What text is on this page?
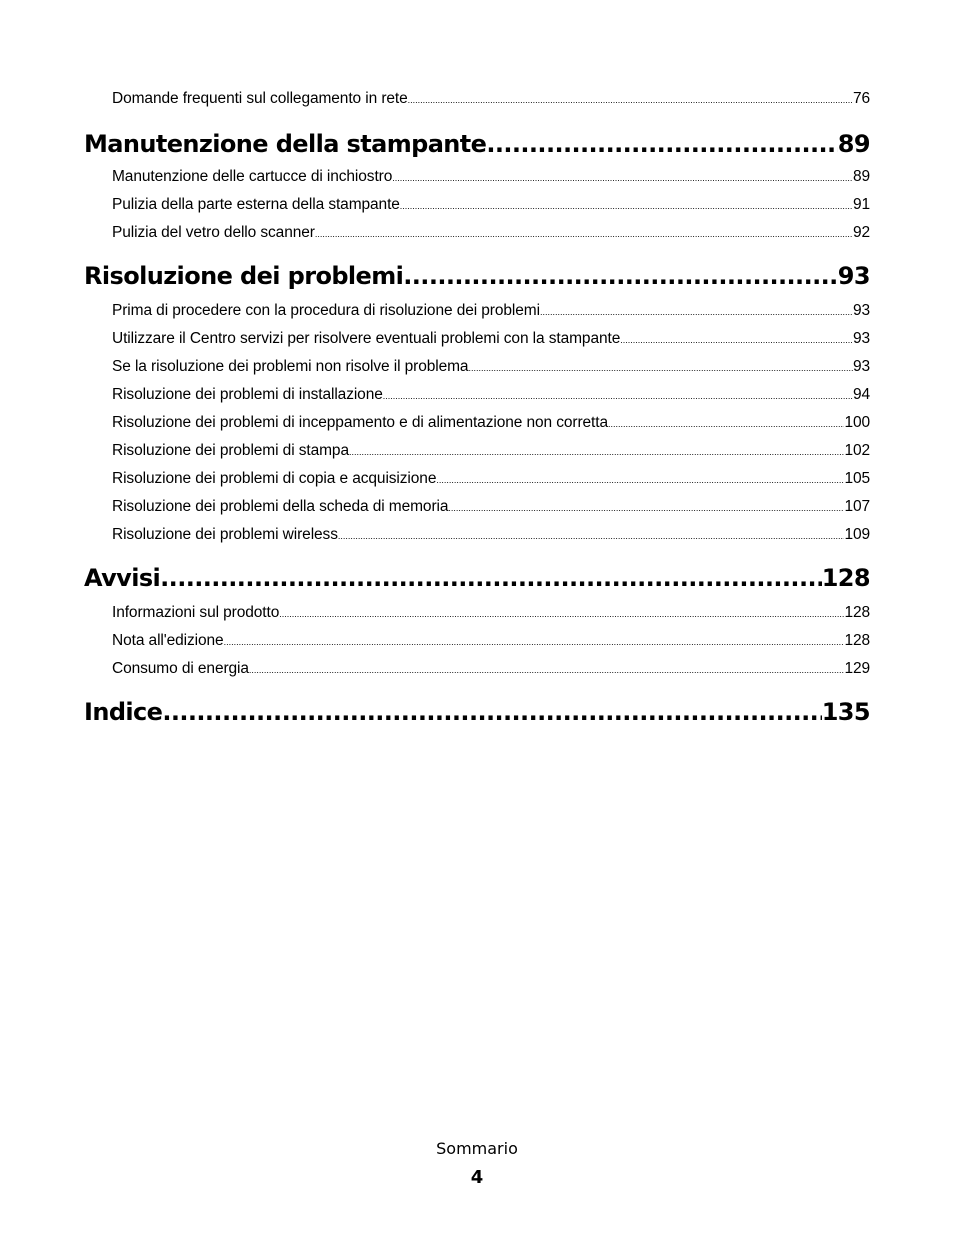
Domande frequenti sul collegamento in rete .....	76
Manutenzione della stampante .....	89
Manutenzione delle cartucce di inchiostro .....	89
Pulizia della parte esterna della stampante .....	91
Pulizia del vetro dello scanner .....	92
Risoluzione dei problemi .....	93
Prima di procedere con la procedura di risoluzione dei problemi .....	93
Utilizzare il Centro servizi per risolvere eventuali problemi con la stampante .....	93
Se la risoluzione dei problemi non risolve il problema .....	93
Risoluzione dei problemi di installazione .....	94
Risoluzione dei problemi di inceppamento e di alimentazione non corretta .....	100
Risoluzione dei problemi di stampa .....	102
Risoluzione dei problemi di copia e acquisizione .....	105
Risoluzione dei problemi della scheda di memoria .....	107
Risoluzione dei problemi wireless .....	109
Avvisi .....	128
Informazioni sul prodotto .....	128
Nota all'edizione .....	128
Consumo di energia .....	129
Indice .....	135
Sommario
4
